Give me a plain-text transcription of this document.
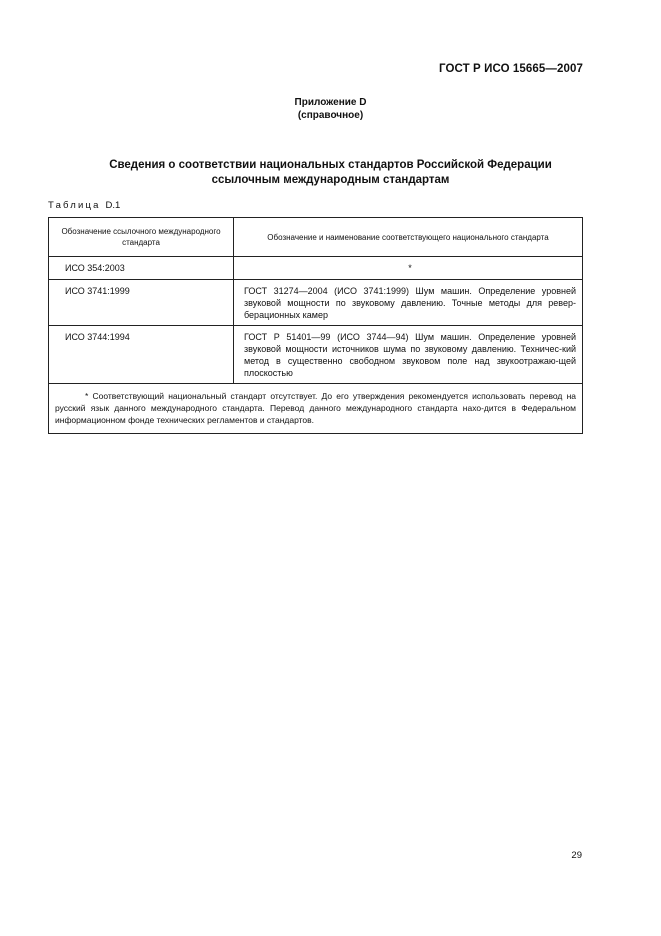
ГОСТ Р ИСО 15665—2007
Приложение D
(справочное)
Сведения о соответствии национальных стандартов Российской Федерации
ссылочным международным стандартам
Таблица D.1
Обозначение ссылочного международного стандарта	Обозначение и наименование соответствующего национального стандарта
ИСО 354:2003	*
ИСО 3741:1999	ГОСТ 31274—2004 (ИСО 3741:1999) Шум машин. Определение уровней звуковой мощности по звуковому давлению. Точные методы для ревер-берационных камер
ИСО 3744:1994	ГОСТ Р 51401—99 (ИСО 3744—94) Шум машин. Определение уровней звуковой мощности источников шума по звуковому давлению. Техничес-кий метод в существенно свободном звуковом поле над звукоотражаю-щей плоскостью
* Соответствующий национальный стандарт отсутствует. До его утверждения рекомендуется использовать перевод на русский язык данного международного стандарта. Перевод данного международного стандарта нахо-дится в Федеральном информационном фонде технических регламентов и стандартов.	
29
